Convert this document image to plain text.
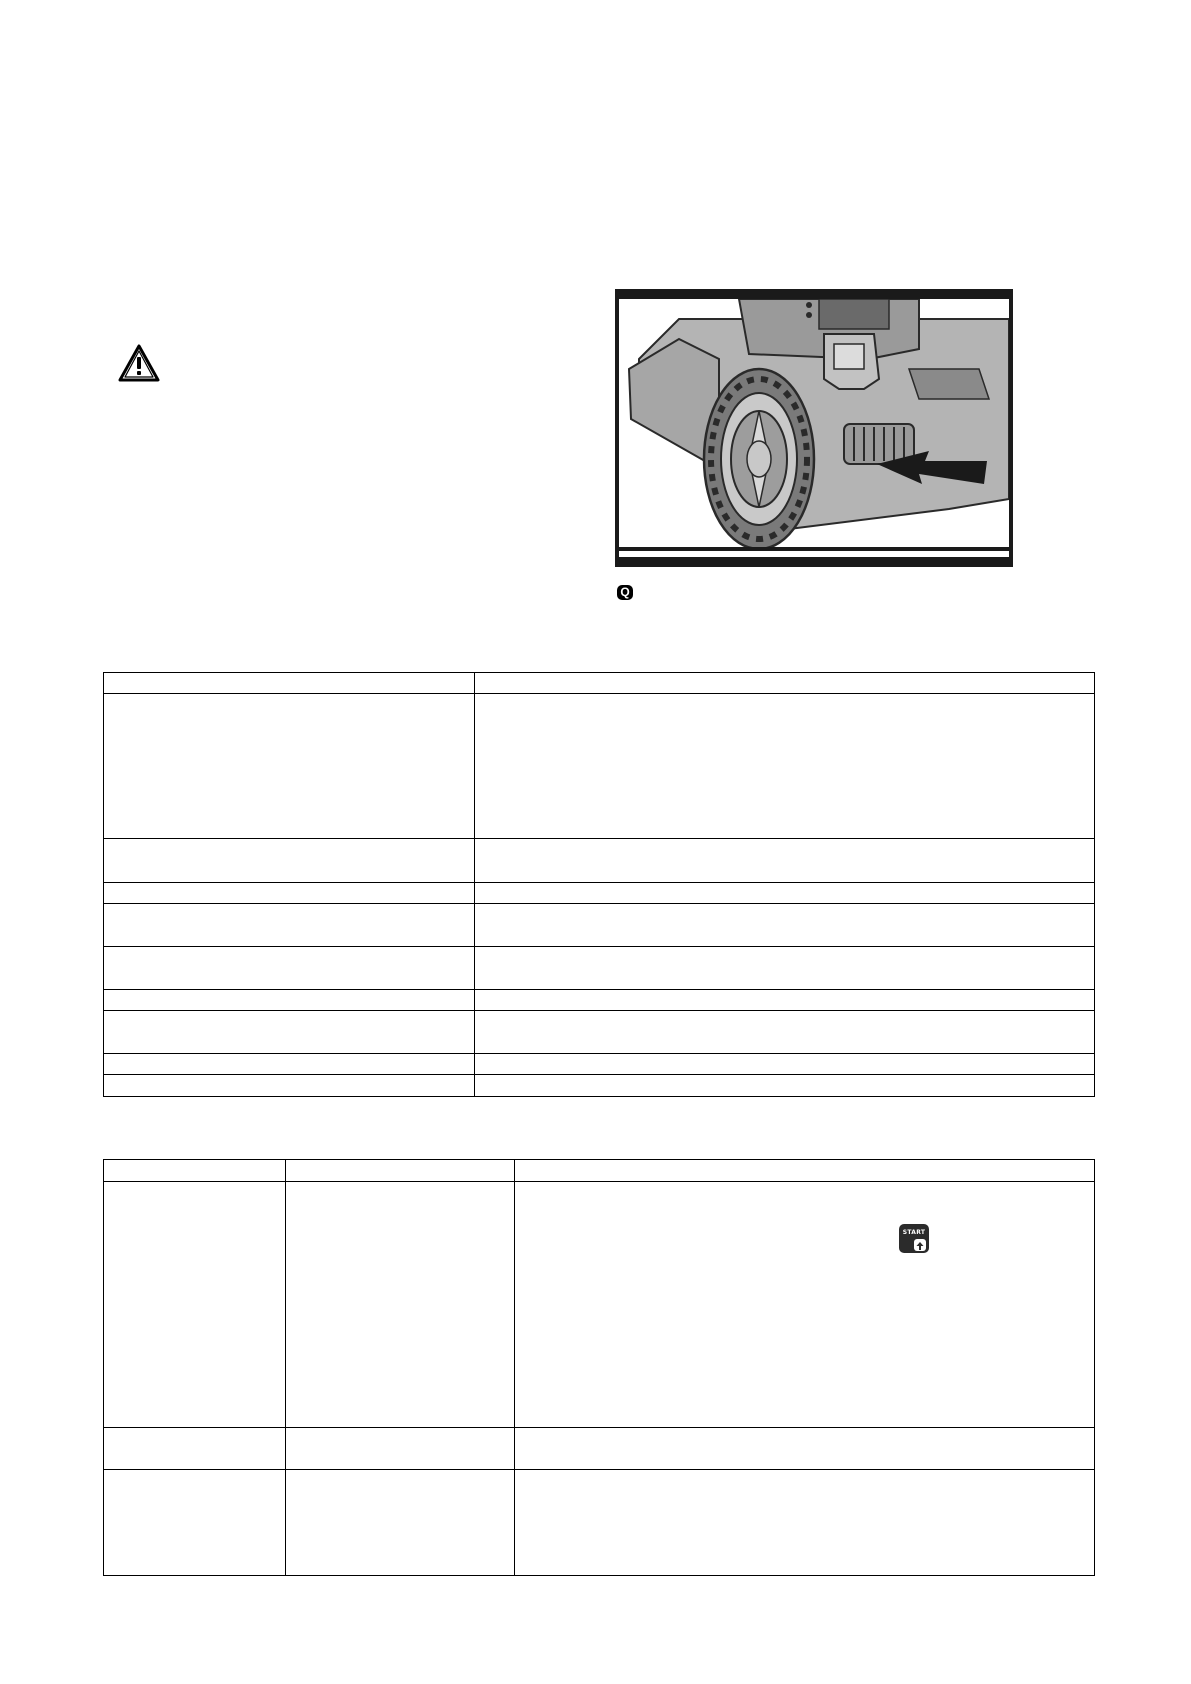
Q

START
